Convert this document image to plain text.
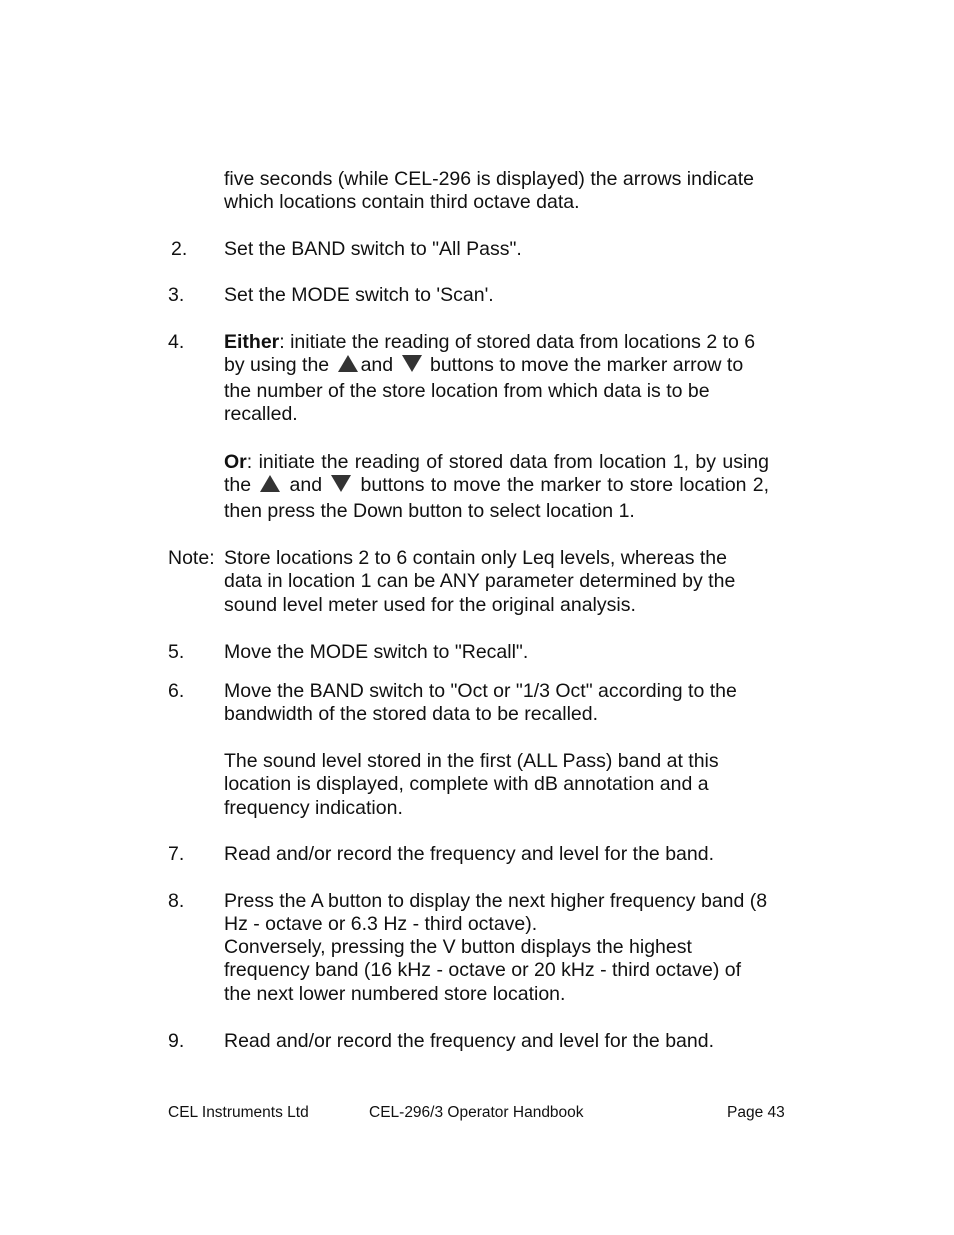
five seconds (while CEL-296 is displayed) the arrows indicate which locations contain third octave data.
2. Set the BAND switch to "All Pass".
3. Set the MODE switch to 'Scan'.
4. Either: initiate the reading of stored data from locations 2 to 6 by using the and buttons to move the marker arrow to the number of the store location from which data is to be recalled.
Or: initiate the reading of stored data from location 1, by using the and buttons to move the marker to store location 2, then press the Down button to select location 1.
Note: Store locations 2 to 6 contain only Leq levels, whereas the data in location 1 can be ANY parameter determined by the sound level meter used for the original analysis.
5. Move the MODE switch to "Recall".
6. Move the BAND switch to "Oct or "1/3 Oct" according to the bandwidth of the stored data to be recalled.
The sound level stored in the first (ALL Pass) band at this location is displayed, complete with dB annotation and a frequency indication.
7. Read and/or record the frequency and level for the band.
8. Press the A button to display the next higher frequency band (8 Hz - octave or 6.3 Hz - third octave).
Conversely, pressing the V button displays the highest frequency band (16 kHz - octave or 20 kHz - third octave) of the next lower numbered store location.
9. Read and/or record the frequency and level for the band.
CEL Instruments Ltd	CEL-296/3 Operator Handbook	Page 43
